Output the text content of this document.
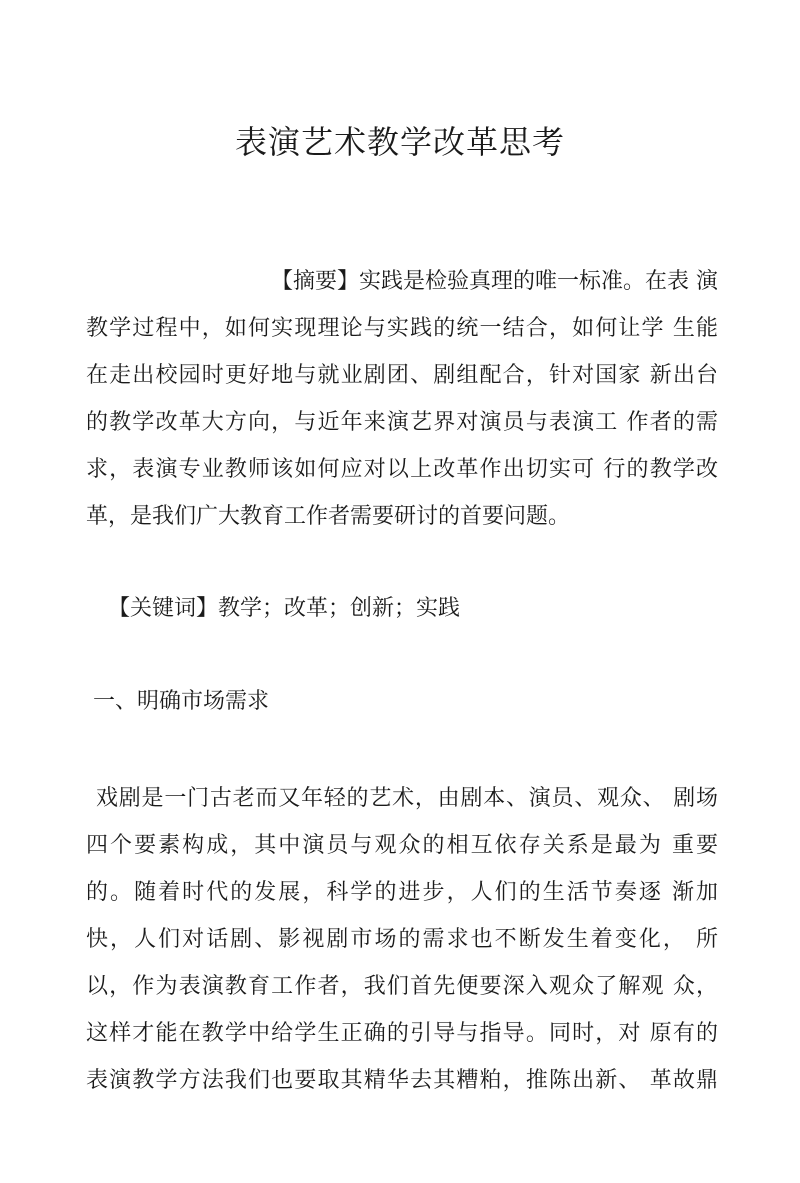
表演艺术教学改革思考
【摘要】实践是检验真理的唯一标准。在表 演
教学过程中，如何实现理论与实践的统一结合，如何让学 生能
在走出校园时更好地与就业剧团、剧组配合，针对国家 新出台
的教学改革大方向，与近年来演艺界对演员与表演工 作者的需
求，表演专业教师该如何应对以上改革作出切实可 行的教学改
革，是我们广大教育工作者需要研讨的首要问题。
【关键词】教学；改革；创新；实践
一、明确市场需求
戏剧是一门古老而又年轻的艺术，由剧本、演员、观众、 剧场
四个要素构成，其中演员与观众的相互依存关系是最为 重要
的。随着时代的发展，科学的进步，人们的生活节奏逐 渐加
快，人们对话剧、影视剧市场的需求也不断发生着变化， 所
以，作为表演教育工作者，我们首先便要深入观众了解观 众，
这样才能在教学中给学生正确的引导与指导。同时，对 原有的
表演教学方法我们也要取其精华去其糟粕，推陈出新、 革故鼎
